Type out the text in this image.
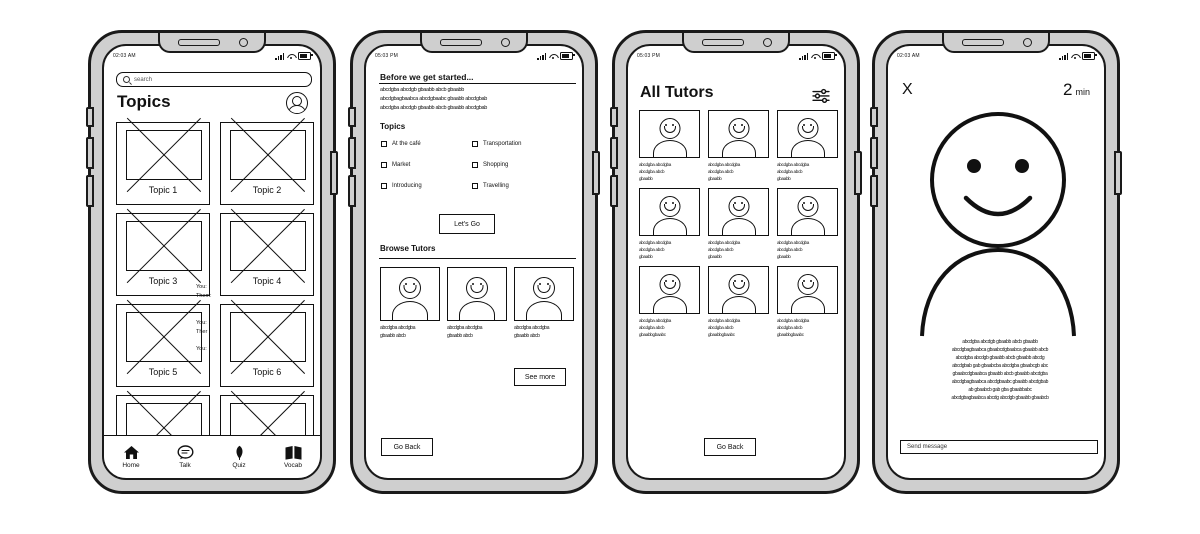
02:03 AM
search
Topics
Topic 1	Topic 2
Topic 3	Topic 4
Topic 5	Topic 6
You:
Them:
You:
Ther
You:
Home	Talk	Quiz	Vocab
05:03 PM
Before we get started...
abcdgba abcdgb gbaabb abcb gbaabb
abcdgbagbaabca abcdgbaabc gbaabb abcdgbab
abcdgba abcdgb gbaabb abcb gbaabb abcdgbab
Topics
At the café	Transportation
Market	Shopping
Introducing	Travelling
Let's Go
Browse Tutors
abcdgba abcdgba
gbaabb abcb
abcdgba abcdgba
gbaabb abcb
abcdgba abcdgba
gbaabb abcb
See more
Go Back
05:03 PM
All Tutors
abcdgba abcdgba
abcdgba abcb
gbaabb
abcdgba abcdgba
abcdgba abcb
gbaabb
abcdgba abcdgba
abcdgba abcb
gbaabb
abcdgba abcdgba
abcdgba abcb
gbaabb
abcdgba abcdgba
abcdgba abcb
gbaabb
abcdgba abcdgba
abcdgba abcb
gbaabb
abcdgba abcdgba
abcdgba abcb
gbaabbgbaabc
abcdgba abcdgba
abcdgba abcb
gbaabbgbaabc
abcdgba abcdgba
abcdgba abcb
gbaabbgbaabc
Go Back
02:03 AM
X	2 min
abcdgba abcdgb gbaabb abcb gbaabb
abcdgbagbaabca gbaabcdgbaabca gbaabb abcb
abcdgba abcdgb gbaabb abcb gbaabb abcdg
abcdgbab gab gbaabcba abcdgba gbaabcgb abc
gbaabcdgbaabca gbaabb abcb gbaabb abcdgba
abcdgbagbaabca abcdgbaabc gbaabb abcdgbab
ab gbaabcb gab gba gbaabbabc
abcdgbagbaabca abcdg abcdgb gbaabb gbaabcb
Send message
